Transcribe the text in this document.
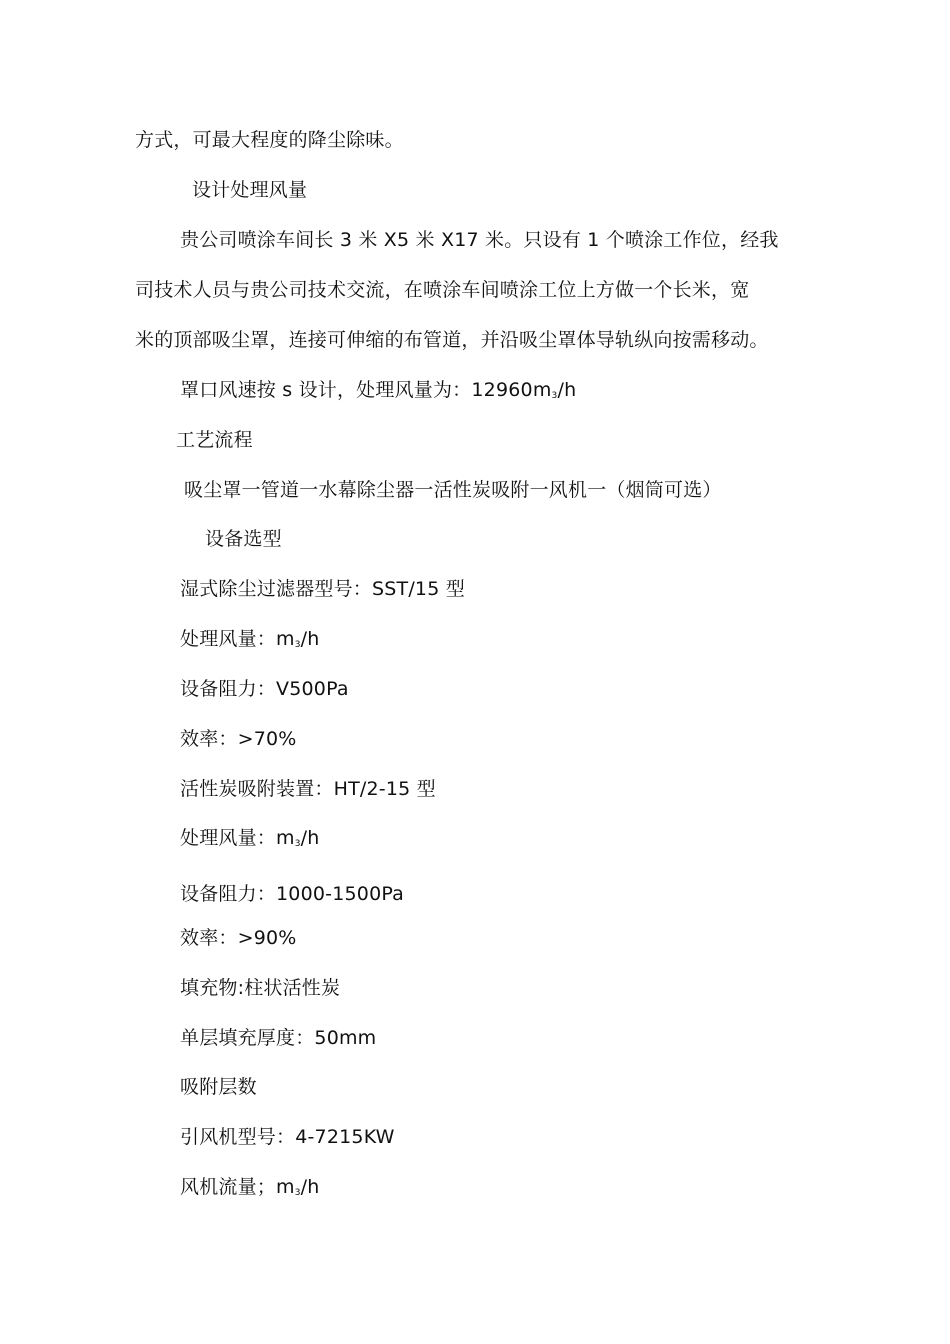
方式，可最大程度的降尘除味。
设计处理风量
贵公司喷涂车间长 3 米 X5 米 X17 米。只设有 1 个喷涂工作位，经我
司技术人员与贵公司技术交流，在喷涂车间喷涂工位上方做一个长米，宽
米的顶部吸尘罩，连接可伸缩的布管道，并沿吸尘罩体导轨纵向按需移动。
罩口风速按 s 设计，处理风量为：$12960m_3/h$
工艺流程
吸尘罩一管道一水幕除尘器一活性炭吸附一风机一（烟筒可选）
设备选型
湿式除尘过滤器型号：SST/15 型
处理风量：$m_3/h$
设备阻力：V500Pa
效率：>70%
活性炭吸附装置：HT/2-15 型
处理风量：$m_3/h$
设备阻力：1000-1500Pa
效率：>90%
填充物:柱状活性炭
单层填充厚度：50mm
吸附层数
引风机型号：4-7215KW
风机流量；$m_3/h$
